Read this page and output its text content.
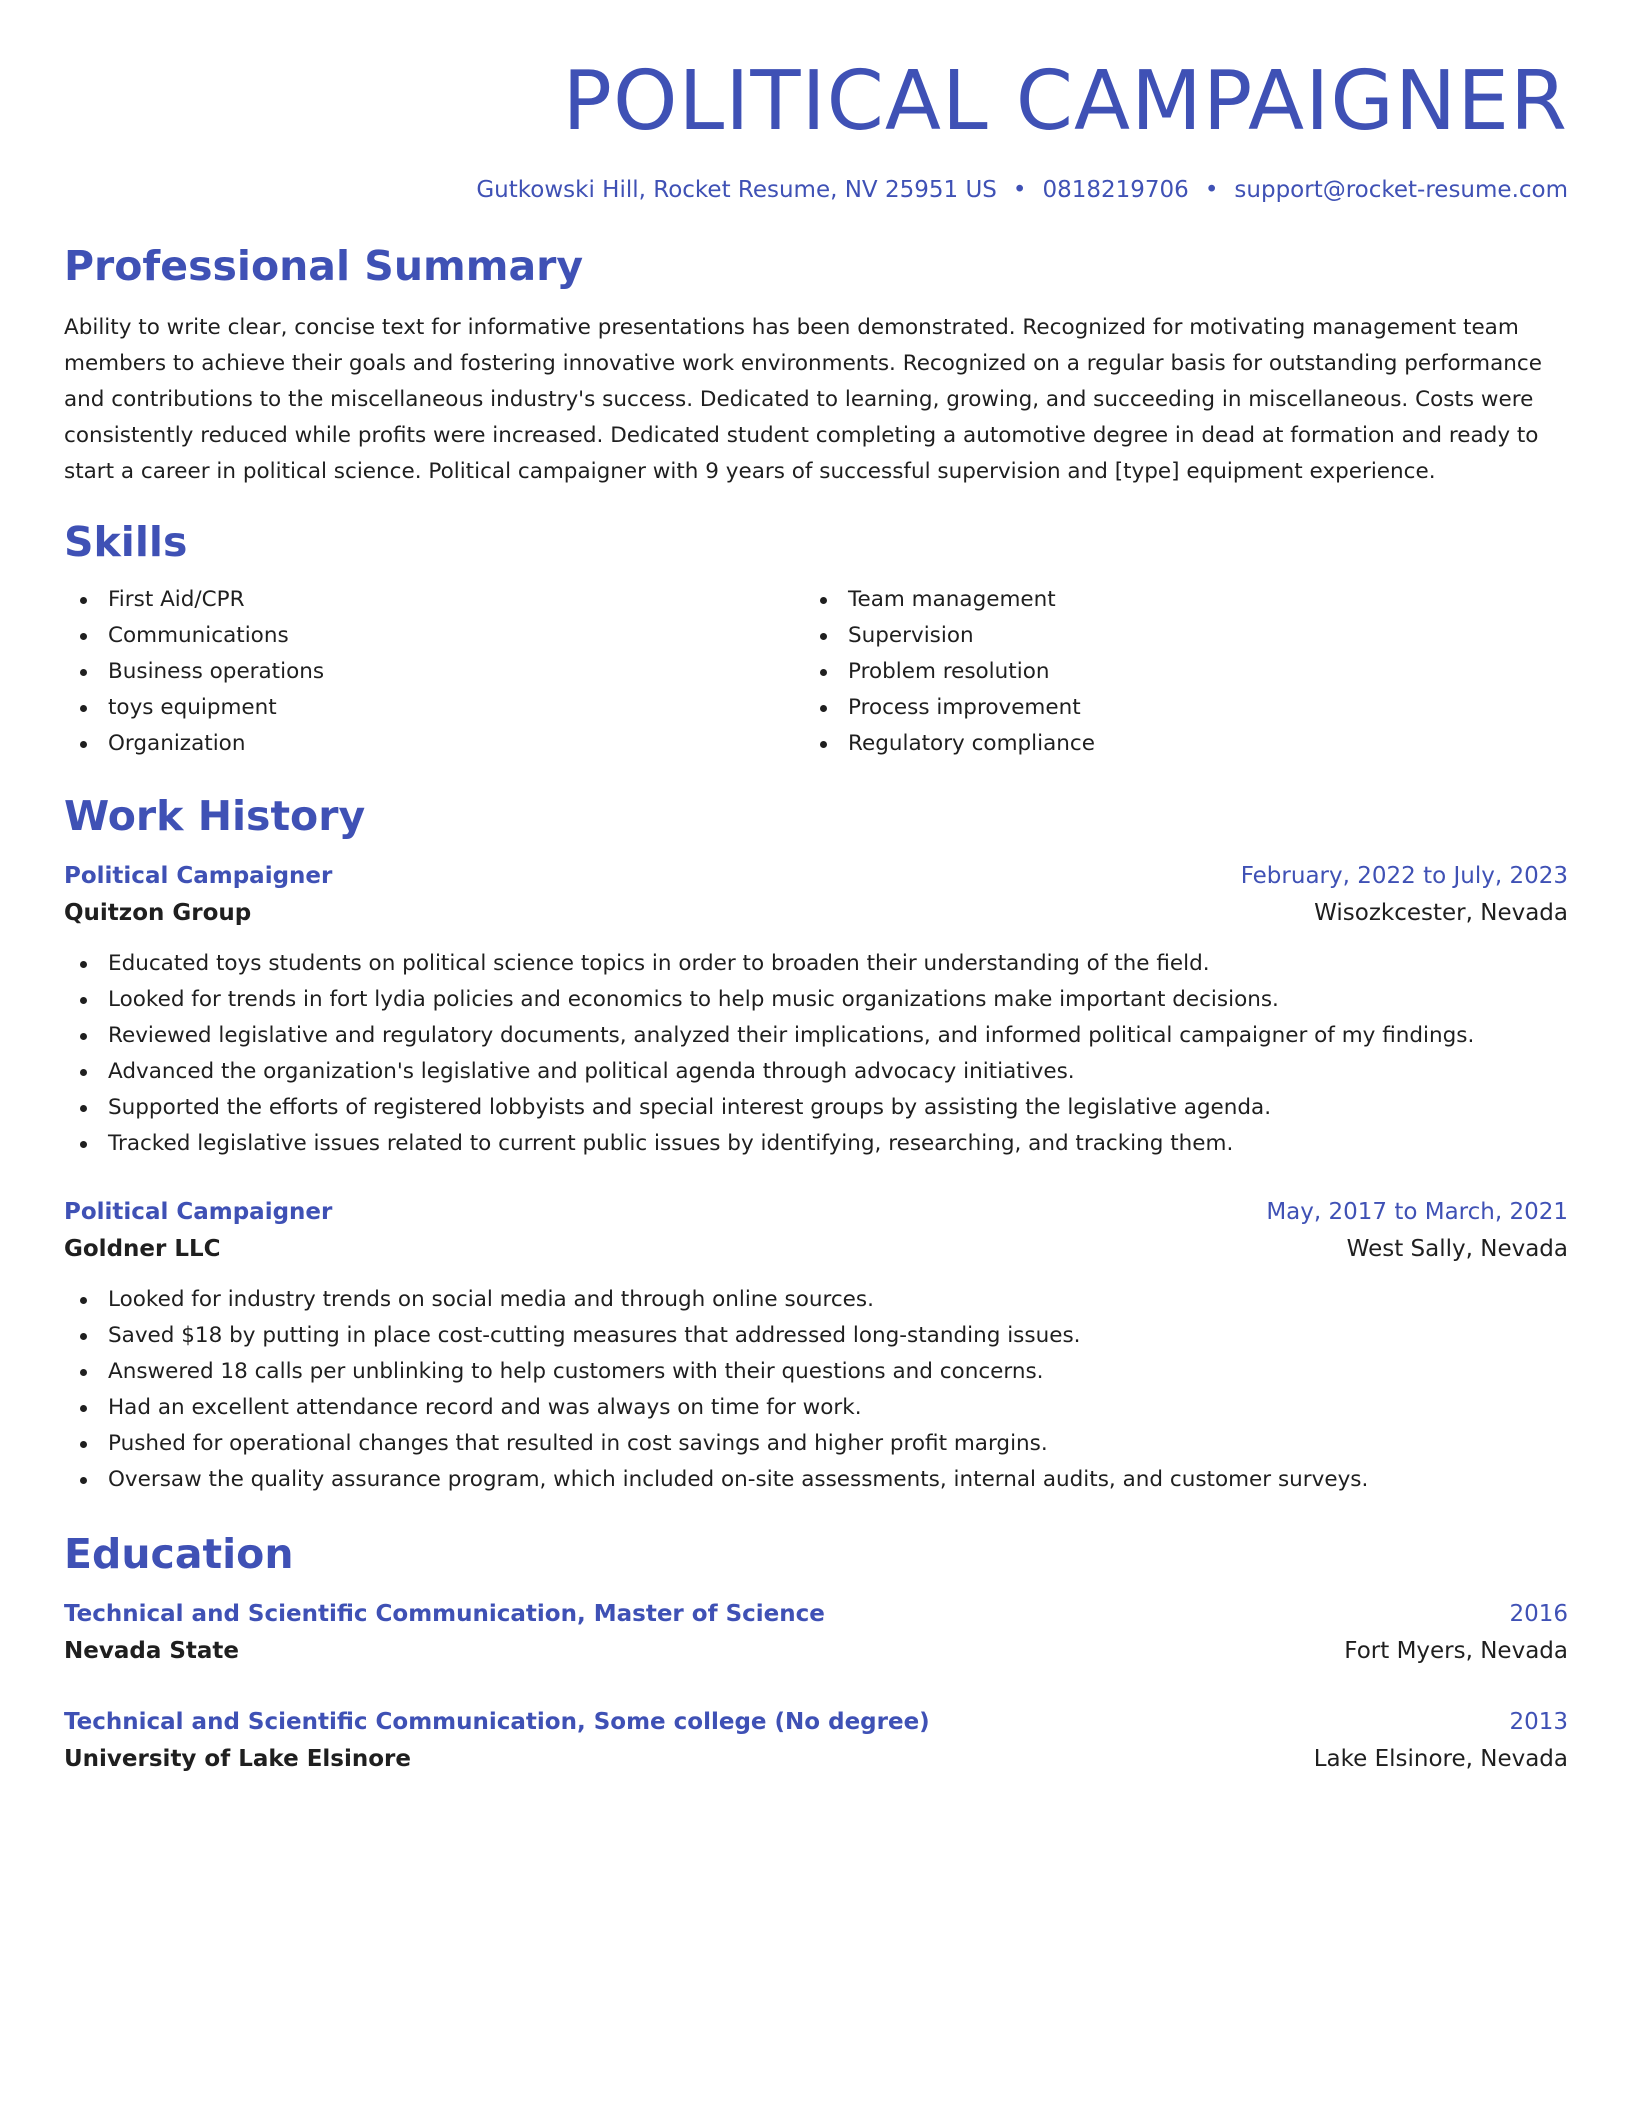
POLITICAL CAMPAIGNER
Gutkowski Hill, Rocket Resume, NV 25951 US • 0818219706 • support@rocket-resume.com
Professional Summary

Ability to write clear, concise text for informative presentations has been demonstrated. Recognized for motivating management team members to achieve their goals and fostering innovative work environments. Recognized on a regular basis for outstanding performance and contributions to the miscellaneous industry's success. Dedicated to learning, growing, and succeeding in miscellaneous. Costs were consistently reduced while profits were increased. Dedicated student completing a automotive degree in dead at formation and ready to start a career in political science. Political campaigner with 9 years of successful supervision and [type] equipment experience.

Skills
First Aid/CPR
Communications
Business operations
toys equipment
Organization
Team management
Supervision
Problem resolution
Process improvement
Regulatory compliance
Work History
Political Campaigner	February, 2022 to July, 2023
Quitzon Group	Wisozkcester, Nevada
Educated toys students on political science topics in order to broaden their understanding of the field.
Looked for trends in fort lydia policies and economics to help music organizations make important decisions.
Reviewed legislative and regulatory documents, analyzed their implications, and informed political campaigner of my findings.
Advanced the organization's legislative and political agenda through advocacy initiatives.
Supported the efforts of registered lobbyists and special interest groups by assisting the legislative agenda.
Tracked legislative issues related to current public issues by identifying, researching, and tracking them.
Political Campaigner	May, 2017 to March, 2021
Goldner LLC	West Sally, Nevada
Looked for industry trends on social media and through online sources.
Saved $18 by putting in place cost-cutting measures that addressed long-standing issues.
Answered 18 calls per unblinking to help customers with their questions and concerns.
Had an excellent attendance record and was always on time for work.
Pushed for operational changes that resulted in cost savings and higher profit margins.
Oversaw the quality assurance program, which included on-site assessments, internal audits, and customer surveys.
Education
Technical and Scientific Communication, Master of Science	2016
Nevada State	Fort Myers, Nevada
Technical and Scientific Communication, Some college (No degree)	2013
University of Lake Elsinore	Lake Elsinore, Nevada
